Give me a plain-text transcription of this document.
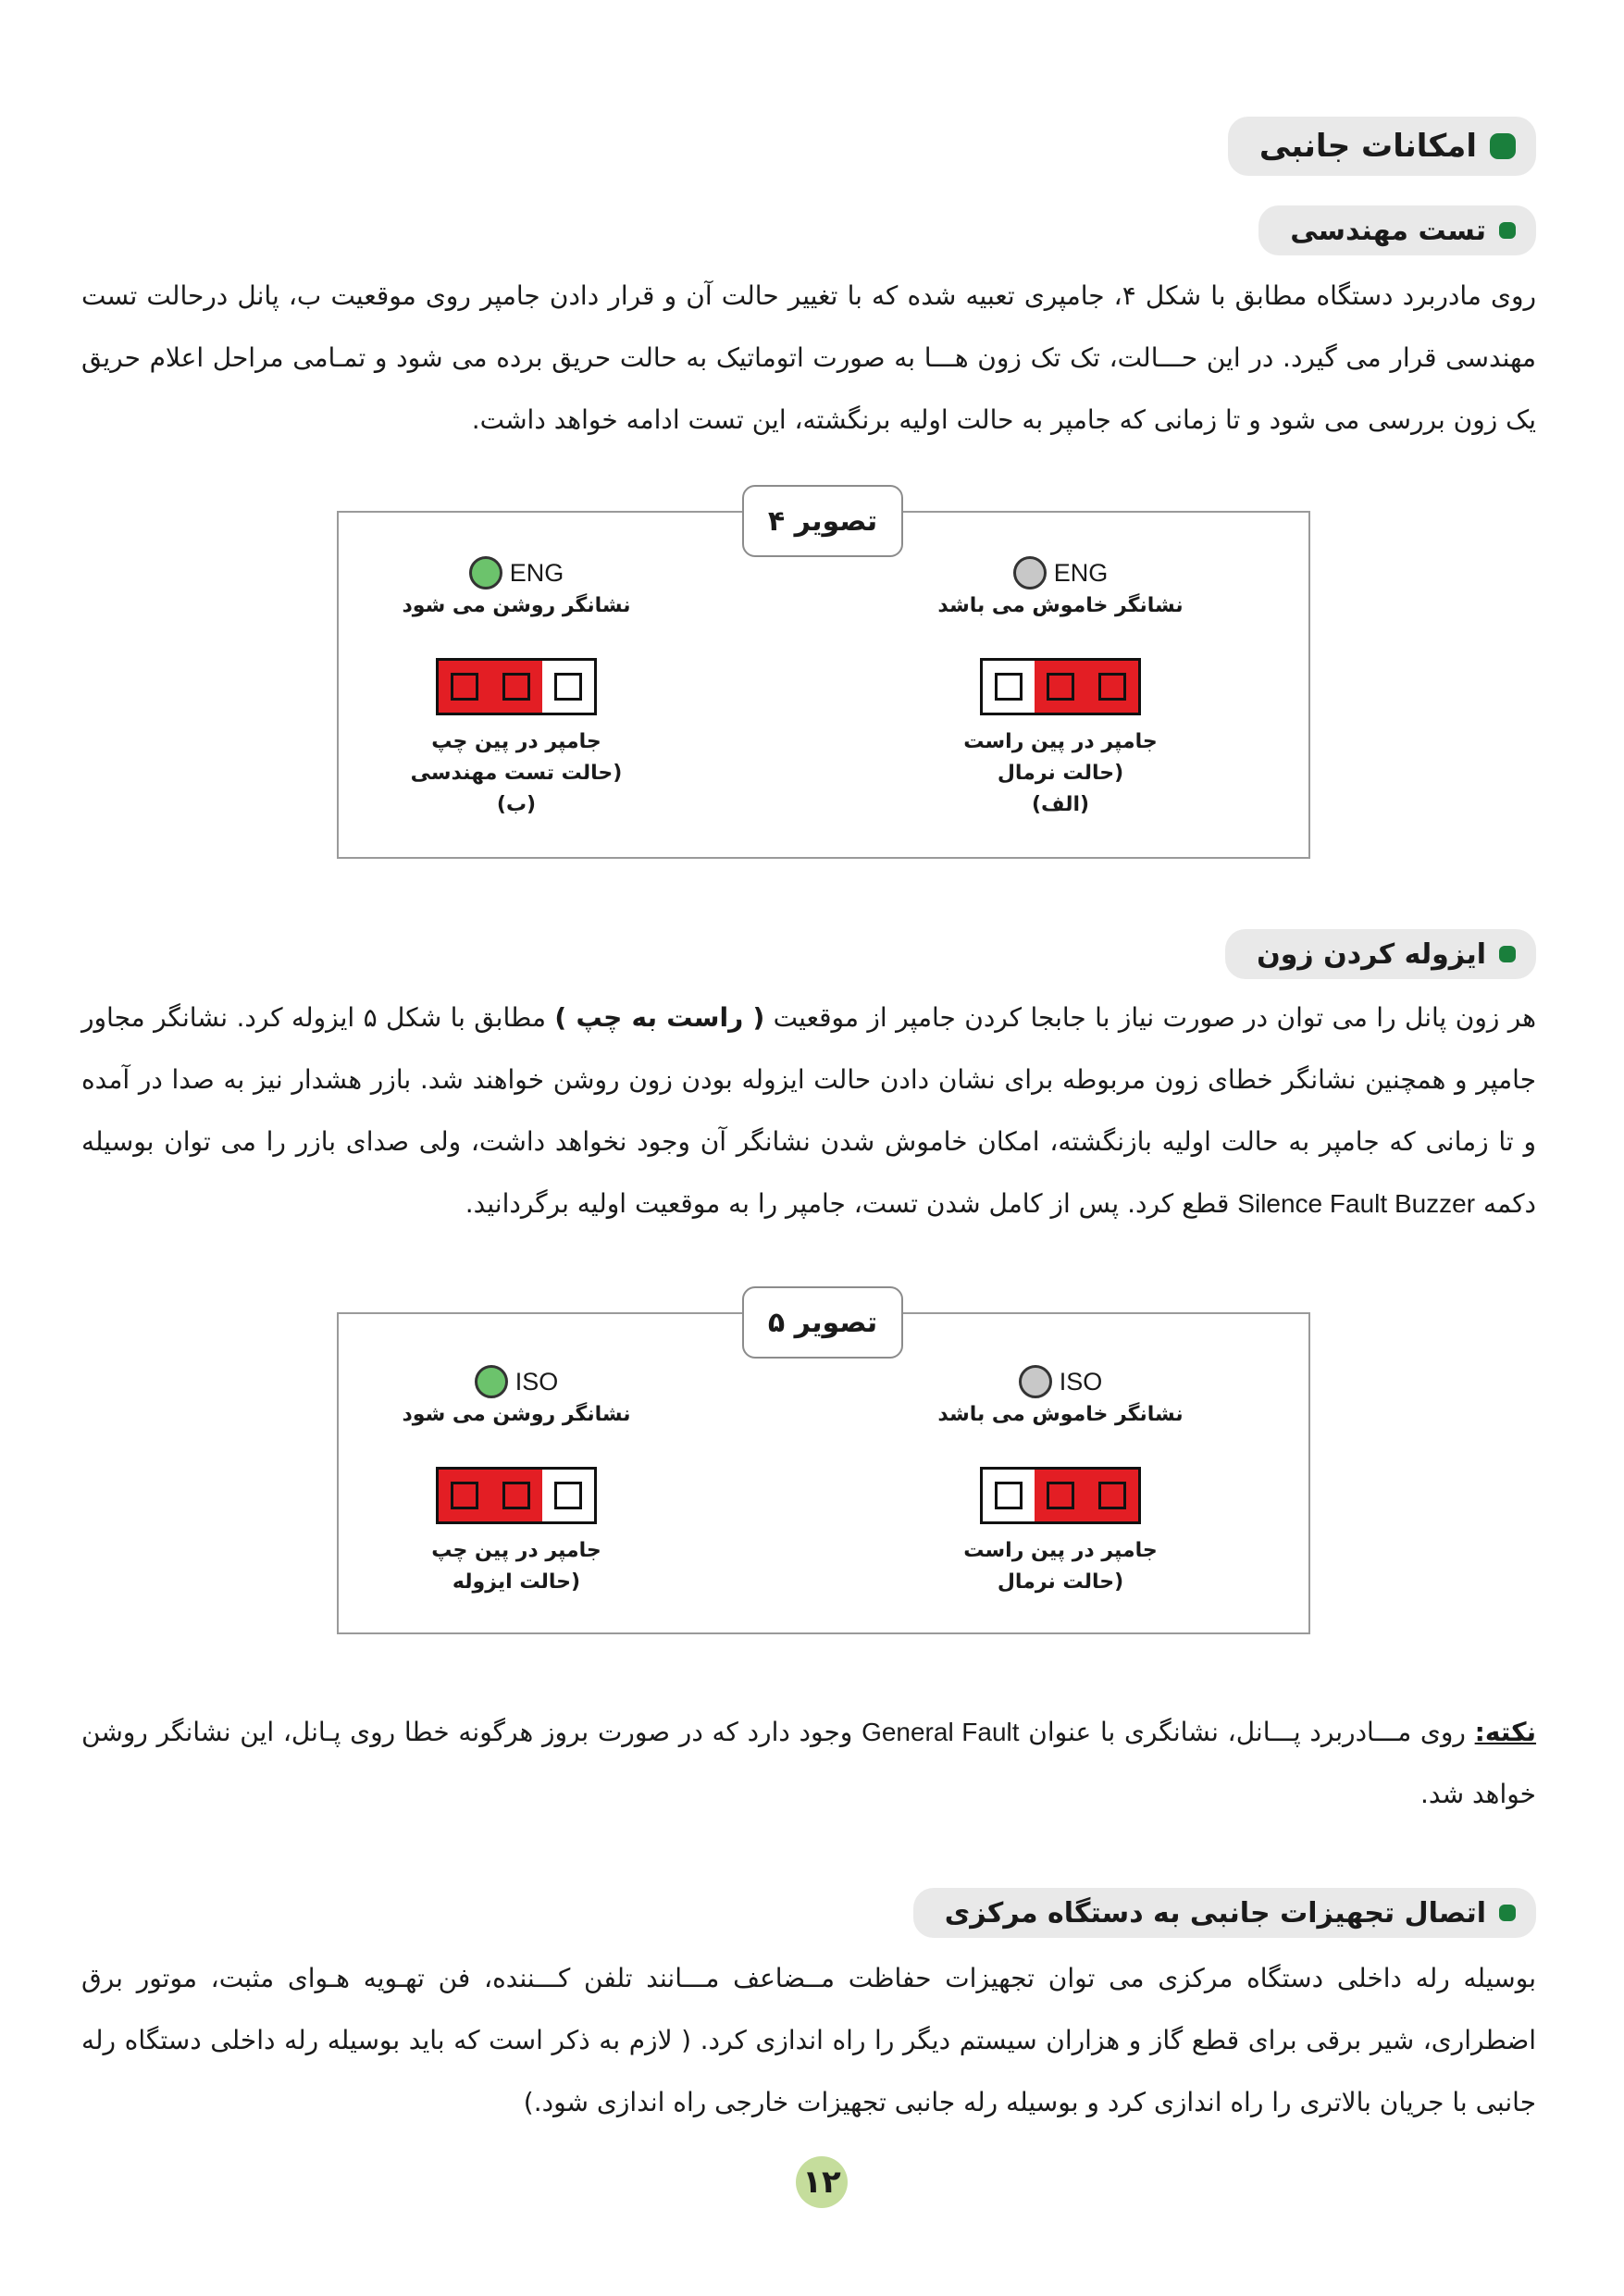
امکانات جانبی
تست مهندسی
روی مادربرد دستگاه مطابق با شکل ۴، جامپری تعبیه شده که با تغییر حالت آن و قرار دادن جامپر روی موقعیت ب، پانل درحالت تست مهندسی قرار می گیرد. در این حـــالت، تک تک زون هـــا به صورت اتوماتیک به حالت حریق برده می شود و تمـامی مراحل اعلام حریق یک زون بررسی می شود و تا زمانی که جامپر به حالت اولیه برنگشته، این تست ادامه خواهد داشت.
تصویر ۴
ENG
نشانگر خاموش می باشد
جامپر در پین راست
(حالت نرمال
(الف)
ENG
نشانگر روشن می شود
جامپر در پین چپ
(حالت تست مهندسی
(ب)
ایزوله کردن زون
هر زون پانل را می توان در صورت نیاز با جابجا کردن جامپر از موقعیت ( راست به چپ ) مطابق با شکل ۵ ایزوله کرد. نشانگر مجاور جامپر و همچنین نشانگر خطای زون مربوطه برای نشان دادن حالت ایزوله بودن زون روشن خواهند شد. بازر هشدار نیز به صدا در آمده و تا زمانی که جامپر به حالت اولیه بازنگشته، امکان خاموش شدن نشانگر آن وجود نخواهد داشت، ولی صدای بازر را می توان بوسیله دکمه Silence Fault Buzzer قطع کرد. پس از کامل شدن تست، جامپر را به موقعیت اولیه برگردانید.
تصویر ۵
ISO
نشانگر خاموش می باشد
جامپر در پین راست
(حالت نرمال
ISO
نشانگر روشن می شود
جامپر در پین چپ
(حالت ایزوله
نکته: روی مـــادربرد پـــانل، نشانگری با عنوان General Fault وجود دارد که در صورت بروز هرگونه خطا روی پـانل، این نشانگر روشن خواهد شد.
اتصال تجهیزات جانبی به دستگاه مرکزی
بوسیله رله داخلی دستگاه مرکزی می توان تجهیزات حفاظت مــضاعف مـــانند تلفن کـــننده، فن تهـویه هـوای مثبت، موتور برق اضطراری، شیر برقی برای قطع گاز و هزاران سیستم دیگر را راه اندازی کرد. ( لازم به ذکر است که باید بوسیله رله داخلی دستگاه رله جانبی با جریان بالاتری را راه اندازی کرد و بوسیله رله جانبی تجهیزات خارجی راه اندازی شود.)
۱۲
